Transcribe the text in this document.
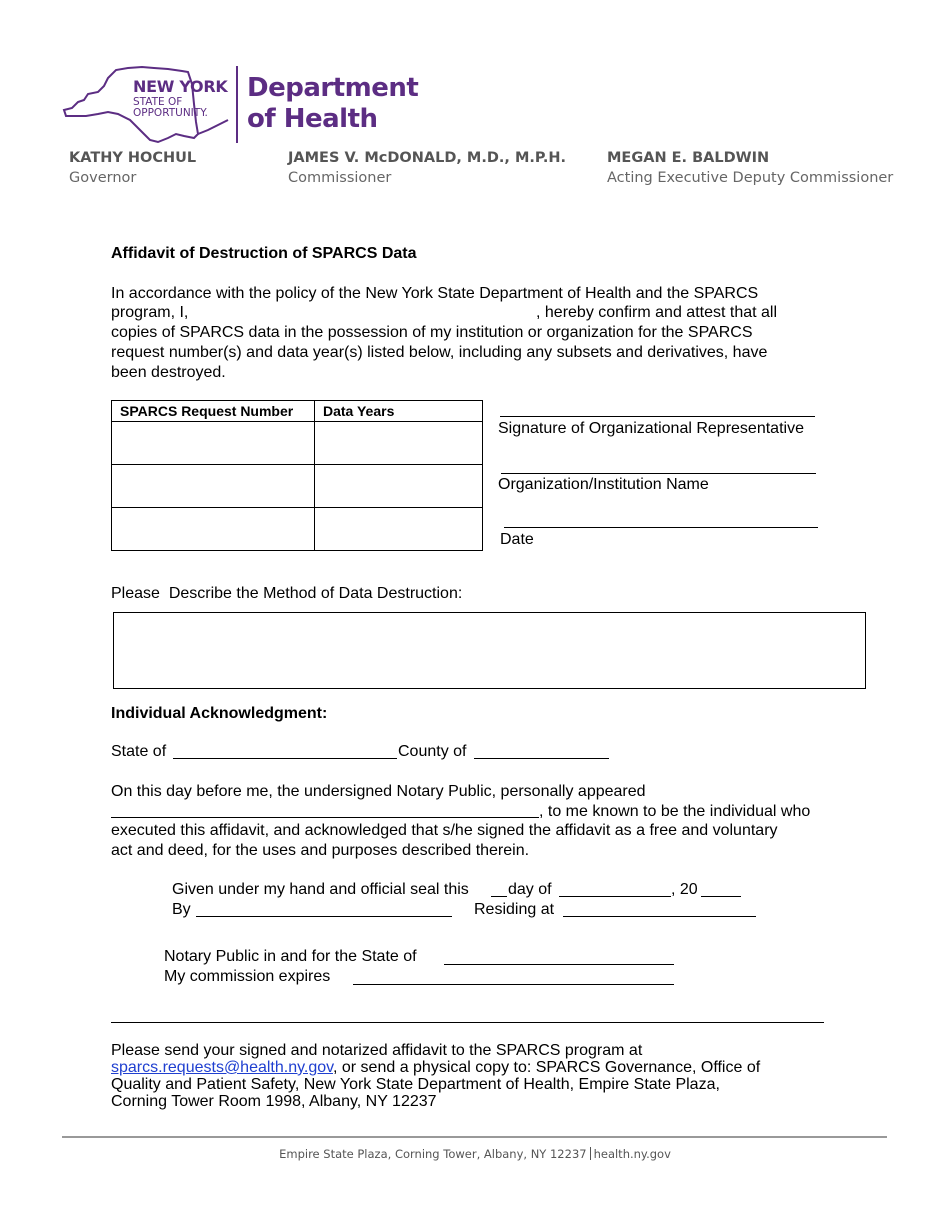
NEW YORK
STATE OF
OPPORTUNITY.
Department
of Health
KATHY HOCHUL
Governor
JAMES V. McDONALD, M.D., M.P.H.
Commissioner
MEGAN E. BALDWIN
Acting Executive Deputy Commissioner
Affidavit of Destruction of SPARCS Data
In accordance with the policy of the New York State Department of Health and the SPARCS
program, I,	, hereby confirm and attest that all
copies of SPARCS data in the possession of my institution or organization for the SPARCS
request number(s) and data year(s) listed below, including any subsets and derivatives, have
been destroyed.
SPARCS Request Number	Data Years

Signature of Organizational Representative
Organization/Institution Name
Date
Please  Describe the Method of Data Destruction:
Individual Acknowledgment:
State of	County of
On this day before me, the undersigned Notary Public, personally appeared
, to me known to be the individual who
executed this affidavit, and acknowledged that s/he signed the affidavit as a free and voluntary
act and deed, for the uses and purposes described therein.
Given under my hand and official seal this day of	, 20
By	Residing at
Notary Public in and for the State of
My commission expires
Please send your signed and notarized affidavit to the SPARCS program at
sparcs.requests@health.ny.gov, or send a physical copy to: SPARCS Governance, Office of
Quality and Patient Safety, New York State Department of Health, Empire State Plaza,
Corning Tower Room 1998, Albany, NY 12237
Empire State Plaza, Corning Tower, Albany, NY 12237 health.ny.gov
